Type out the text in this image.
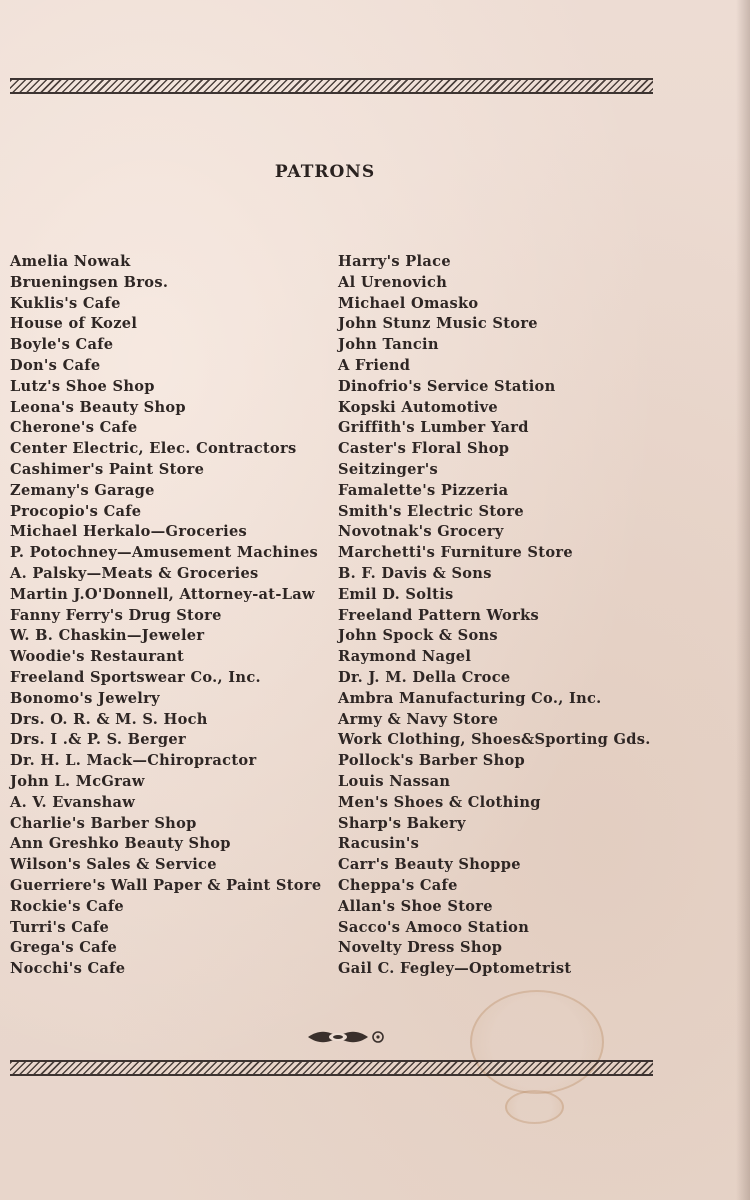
PATRONS
Amelia Nowak
Brueningsen Bros.
Kuklis's Cafe
House of Kozel
Boyle's Cafe
Don's Cafe
Lutz's Shoe Shop
Leona's Beauty Shop
Cherone's Cafe
Center Electric, Elec. Contractors
Cashimer's Paint Store
Zemany's Garage
Procopio's Cafe
Michael Herkalo—Groceries
P. Potochney—Amusement Machines
A. Palsky—Meats & Groceries
Martin J.O'Donnell, Attorney-at-Law
Fanny Ferry's Drug Store
W. B. Chaskin—Jeweler
Woodie's Restaurant
Freeland Sportswear Co., Inc.
Bonomo's Jewelry
Drs. O. R. & M. S. Hoch
Drs. I .& P. S. Berger
Dr. H. L. Mack—Chiropractor
John L. McGraw
A. V. Evanshaw
Charlie's Barber Shop
Ann Greshko Beauty Shop
Wilson's Sales & Service
Guerriere's Wall Paper & Paint Store
Rockie's Cafe
Turri's Cafe
Grega's Cafe
Nocchi's Cafe
Harry's Place
Al Urenovich
Michael Omasko
John Stunz Music Store
John Tancin
A Friend
Dinofrio's Service Station
Kopski Automotive
Griffith's Lumber Yard
Caster's Floral Shop
Seitzinger's
Famalette's Pizzeria
Smith's Electric Store
Novotnak's Grocery
Marchetti's Furniture Store
B. F. Davis & Sons
Emil D. Soltis
Freeland Pattern Works
John Spock & Sons
Raymond Nagel
Dr. J. M. Della Croce
Ambra Manufacturing Co., Inc.
Army & Navy Store
Work Clothing, Shoes&Sporting Gds.
Pollock's Barber Shop
Louis Nassan
Men's Shoes & Clothing
Sharp's Bakery
Racusin's
Carr's Beauty Shoppe
Cheppa's Cafe
Allan's Shoe Store
Sacco's Amoco Station
Novelty Dress Shop
Gail C. Fegley—Optometrist
